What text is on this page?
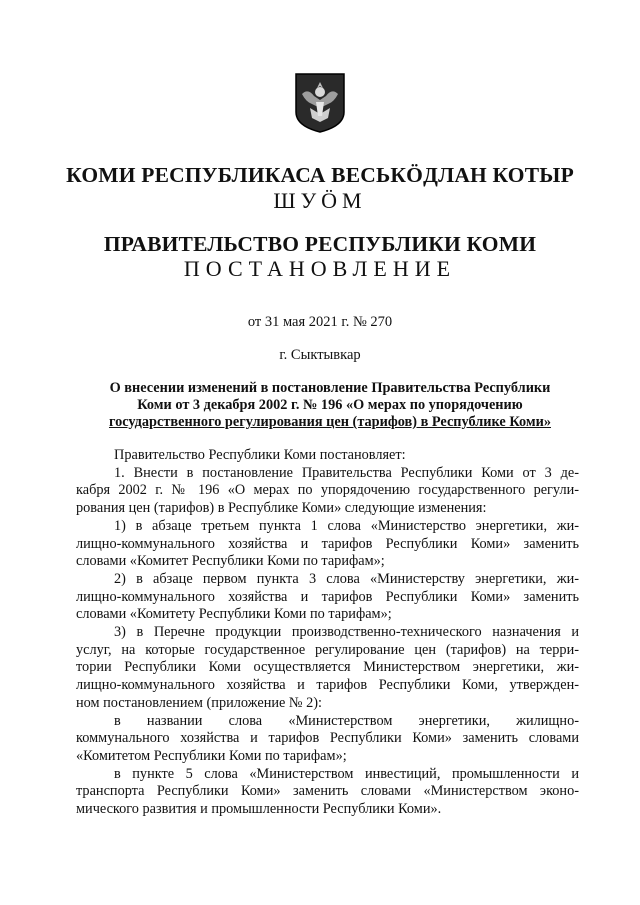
КОМИ РЕСПУБЛИКАСА ВЕСЬКÖДЛАН КОТЫР
ШУÖМ
ПРАВИТЕЛЬСТВО РЕСПУБЛИКИ КОМИ
ПОСТАНОВЛЕНИЕ
от 31 мая 2021 г. № 270
г. Сыктывкар
О внесении изменений в постановление Правительства Республики
Коми от 3 декабря 2002 г. № 196 «О мерах по упорядочению
государственного регулирования цен (тарифов) в Республике Коми»
Правительство Республики Коми постановляет:
1. Внести в постановление Правительства Республики Коми от 3 де-
кабря 2002 г. № 196 «О мерах по упорядочению государственного регули-
рования цен (тарифов) в Республике Коми» следующие изменения:
1) в абзаце третьем пункта 1 слова «Министерство энергетики, жи-
лищно-коммунального хозяйства и тарифов Республики Коми» заменить
словами «Комитет Республики Коми по тарифам»;
2) в абзаце первом пункта 3 слова «Министерству энергетики, жи-
лищно-коммунального хозяйства и тарифов Республики Коми» заменить
словами «Комитету Республики Коми по тарифам»;
3) в Перечне продукции производственно-технического назначения и
услуг, на которые государственное регулирование цен (тарифов) на терри-
тории Республики Коми осуществляется Министерством энергетики, жи-
лищно-коммунального хозяйства и тарифов Республики Коми, утвержден-
ном постановлением (приложение № 2):
в названии слова «Министерством энергетики, жилищно-
коммунального хозяйства и тарифов Республики Коми» заменить словами
«Комитетом Республики Коми по тарифам»;
в пункте 5 слова «Министерством инвестиций, промышленности и
транспорта Республики Коми» заменить словами «Министерством эконо-
мического развития и промышленности Республики Коми».
